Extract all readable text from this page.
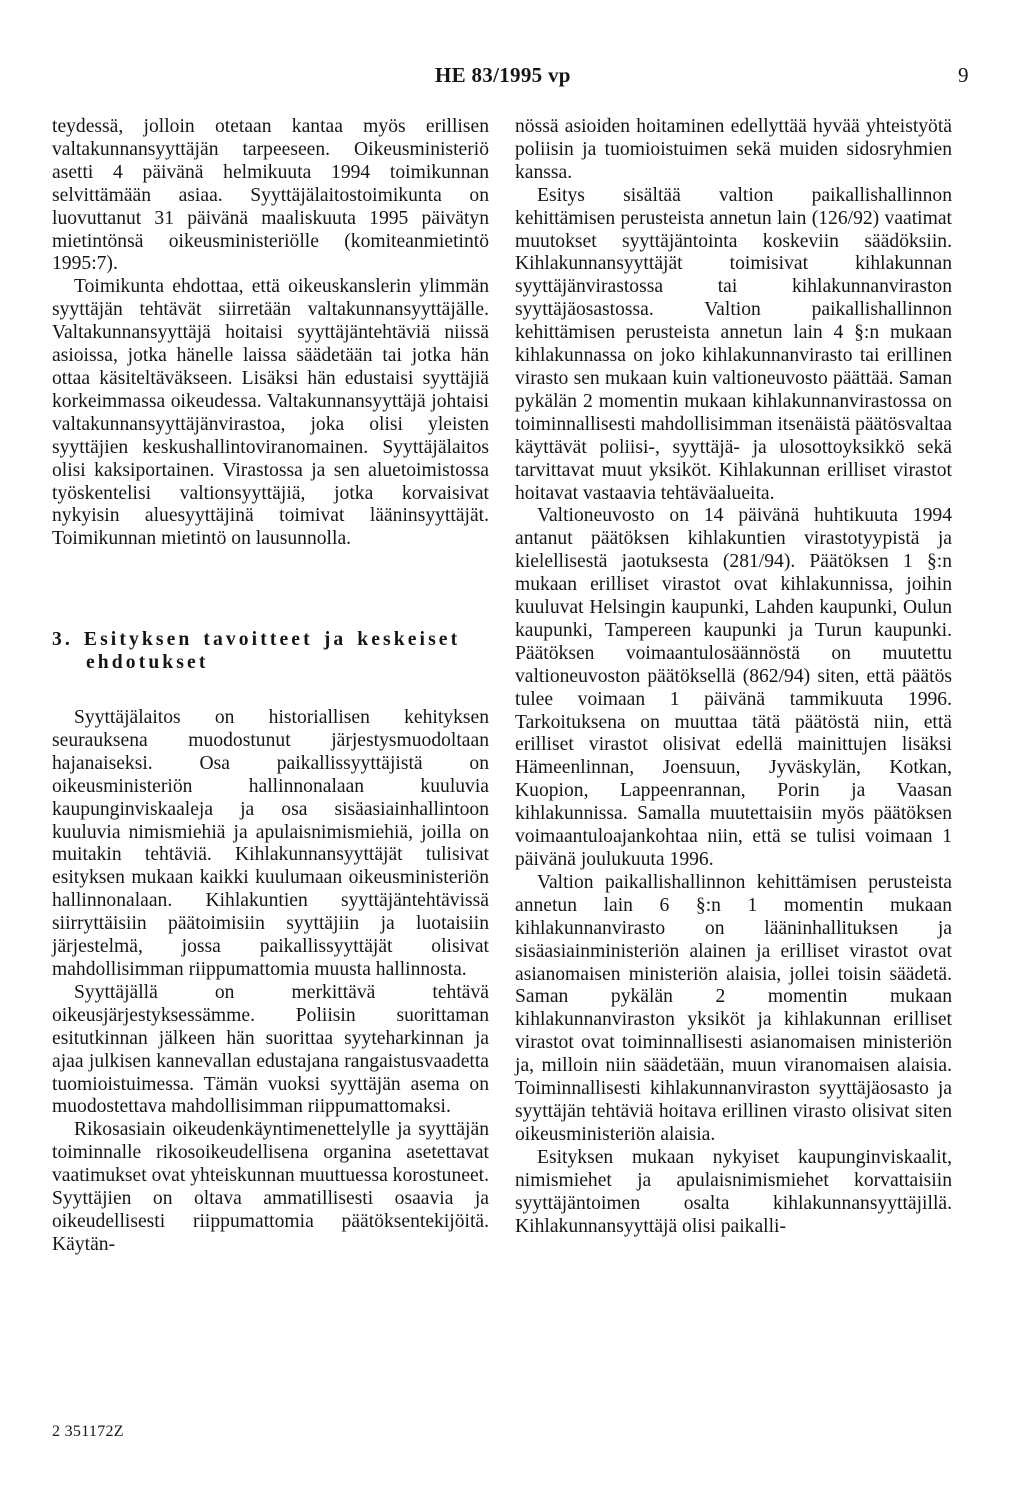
HE 83/1995 vp	9

teydessä, jolloin otetaan kantaa myös erillisen valtakunnansyyttäjän tarpeeseen. Oikeusministeriö asetti 4 päivänä helmikuuta 1994 toimikunnan selvittämään asiaa. Syyttäjälaitostoimikunta on luovuttanut 31 päivänä maaliskuuta 1995 päivätyn mietintönsä oikeusministeriölle (komiteanmietintö 1995:7).

Toimikunta ehdottaa, että oikeuskanslerin ylimmän syyttäjän tehtävät siirretään valtakunnansyyttäjälle. Valtakunnansyyttäjä hoitaisi syyttäjäntehtäviä niissä asioissa, jotka hänelle laissa säädetään tai jotka hän ottaa käsiteltäväkseen. Lisäksi hän edustaisi syyttäjiä korkeimmassa oikeudessa. Valtakunnansyyttäjä johtaisi valtakunnansyyttäjänvirastoa, joka olisi yleisten syyttäjien keskushallintoviranomainen. Syyttäjälaitos olisi kaksiportainen. Virastossa ja sen aluetoimistossa työskentelisi valtionsyyttäjiä, jotka korvaisivat nykyisin aluesyyttäjinä toimivat lääninsyyttäjät. Toimikunnan mietintö on lausunnolla.

3. Esityksen tavoitteet ja keskeiset ehdotukset

Syyttäjälaitos on historiallisen kehityksen seurauksena muodostunut järjestysmuodoltaan hajanaiseksi. Osa paikallissyyttäjistä on oikeusministeriön hallinnonalaan kuuluvia kaupunginviskaaleja ja osa sisäasiainhallintoon kuuluvia nimismiehiä ja apulaisnimismiehiä, joilla on muitakin tehtäviä. Kihlakunnansyyttäjät tulisivat esityksen mukaan kaikki kuulumaan oikeusministeriön hallinnonalaan. Kihlakuntien syyttäjäntehtävissä siirryttäisiin päätoimisiin syyttäjiin ja luotaisiin järjestelmä, jossa paikallissyyttäjät olisivat mahdollisimman riippumattomia muusta hallinnosta.

Syyttäjällä on merkittävä tehtävä oikeusjärjestyksessämme. Poliisin suorittaman esitutkinnan jälkeen hän suorittaa syyteharkinnan ja ajaa julkisen kannevallan edustajana rangaistusvaadetta tuomioistuimessa. Tämän vuoksi syyttäjän asema on muodostettava mahdollisimman riippumattomaksi.

Rikosasiain oikeudenkäyntimenettelylle ja syyttäjän toiminnalle rikosoikeudellisena organina asetettavat vaatimukset ovat yhteiskunnan muuttuessa korostuneet. Syyttäjien on oltava ammatillisesti osaavia ja oikeudellisesti riippumattomia päätöksentekijöitä. Käytän-

nössä asioiden hoitaminen edellyttää hyvää yhteistyötä poliisin ja tuomioistuimen sekä muiden sidosryhmien kanssa.

Esitys sisältää valtion paikallishallinnon kehittämisen perusteista annetun lain (126/92) vaatimat muutokset syyttäjäntointa koskeviin säädöksiin. Kihlakunnansyyttäjät toimisivat kihlakunnan syyttäjänvirastossa tai kihlakunnanviraston syyttäjäosastossa. Valtion paikallishallinnon kehittämisen perusteista annetun lain 4 §:n mukaan kihlakunnassa on joko kihlakunnanvirasto tai erillinen virasto sen mukaan kuin valtioneuvosto päättää. Saman pykälän 2 momentin mukaan kihlakunnanvirastossa on toiminnallisesti mahdollisimman itsenäistä päätösvaltaa käyttävät poliisi-, syyttäjä- ja ulosottoyksikkö sekä tarvittavat muut yksiköt. Kihlakunnan erilliset virastot hoitavat vastaavia tehtäväalueita.

Valtioneuvosto on 14 päivänä huhtikuuta 1994 antanut päätöksen kihlakuntien virastotyypistä ja kielellisestä jaotuksesta (281/94). Päätöksen 1 §:n mukaan erilliset virastot ovat kihlakunnissa, joihin kuuluvat Helsingin kaupunki, Lahden kaupunki, Oulun kaupunki, Tampereen kaupunki ja Turun kaupunki. Päätöksen voimaantulosäännöstä on muutettu valtioneuvoston päätöksellä (862/94) siten, että päätös tulee voimaan 1 päivänä tammikuuta 1996. Tarkoituksena on muuttaa tätä päätöstä niin, että erilliset virastot olisivat edellä mainittujen lisäksi Hämeenlinnan, Joensuun, Jyväskylän, Kotkan, Kuopion, Lappeenrannan, Porin ja Vaasan kihlakunnissa. Samalla muutettaisiin myös päätöksen voimaantuloajankohtaa niin, että se tulisi voimaan 1 päivänä joulukuuta 1996.

Valtion paikallishallinnon kehittämisen perusteista annetun lain 6 §:n 1 momentin mukaan kihlakunnanvirasto on lääninhallituksen ja sisäasiainministeriön alainen ja erilliset virastot ovat asianomaisen ministeriön alaisia, jollei toisin säädetä. Saman pykälän 2 momentin mukaan kihlakunnanviraston yksiköt ja kihlakunnan erilliset virastot ovat toiminnallisesti asianomaisen ministeriön ja, milloin niin säädetään, muun viranomaisen alaisia. Toiminnallisesti kihlakunnanviraston syyttäjäosasto ja syyttäjän tehtäviä hoitava erillinen virasto olisivat siten oikeusministeriön alaisia.

Esityksen mukaan nykyiset kaupunginviskaalit, nimismiehet ja apulaisnimismiehet korvattaisiin syyttäjäntoimen osalta kihlakunnansyyttäjillä. Kihlakunnansyyttäjä olisi paikalli-

2 351172Z
